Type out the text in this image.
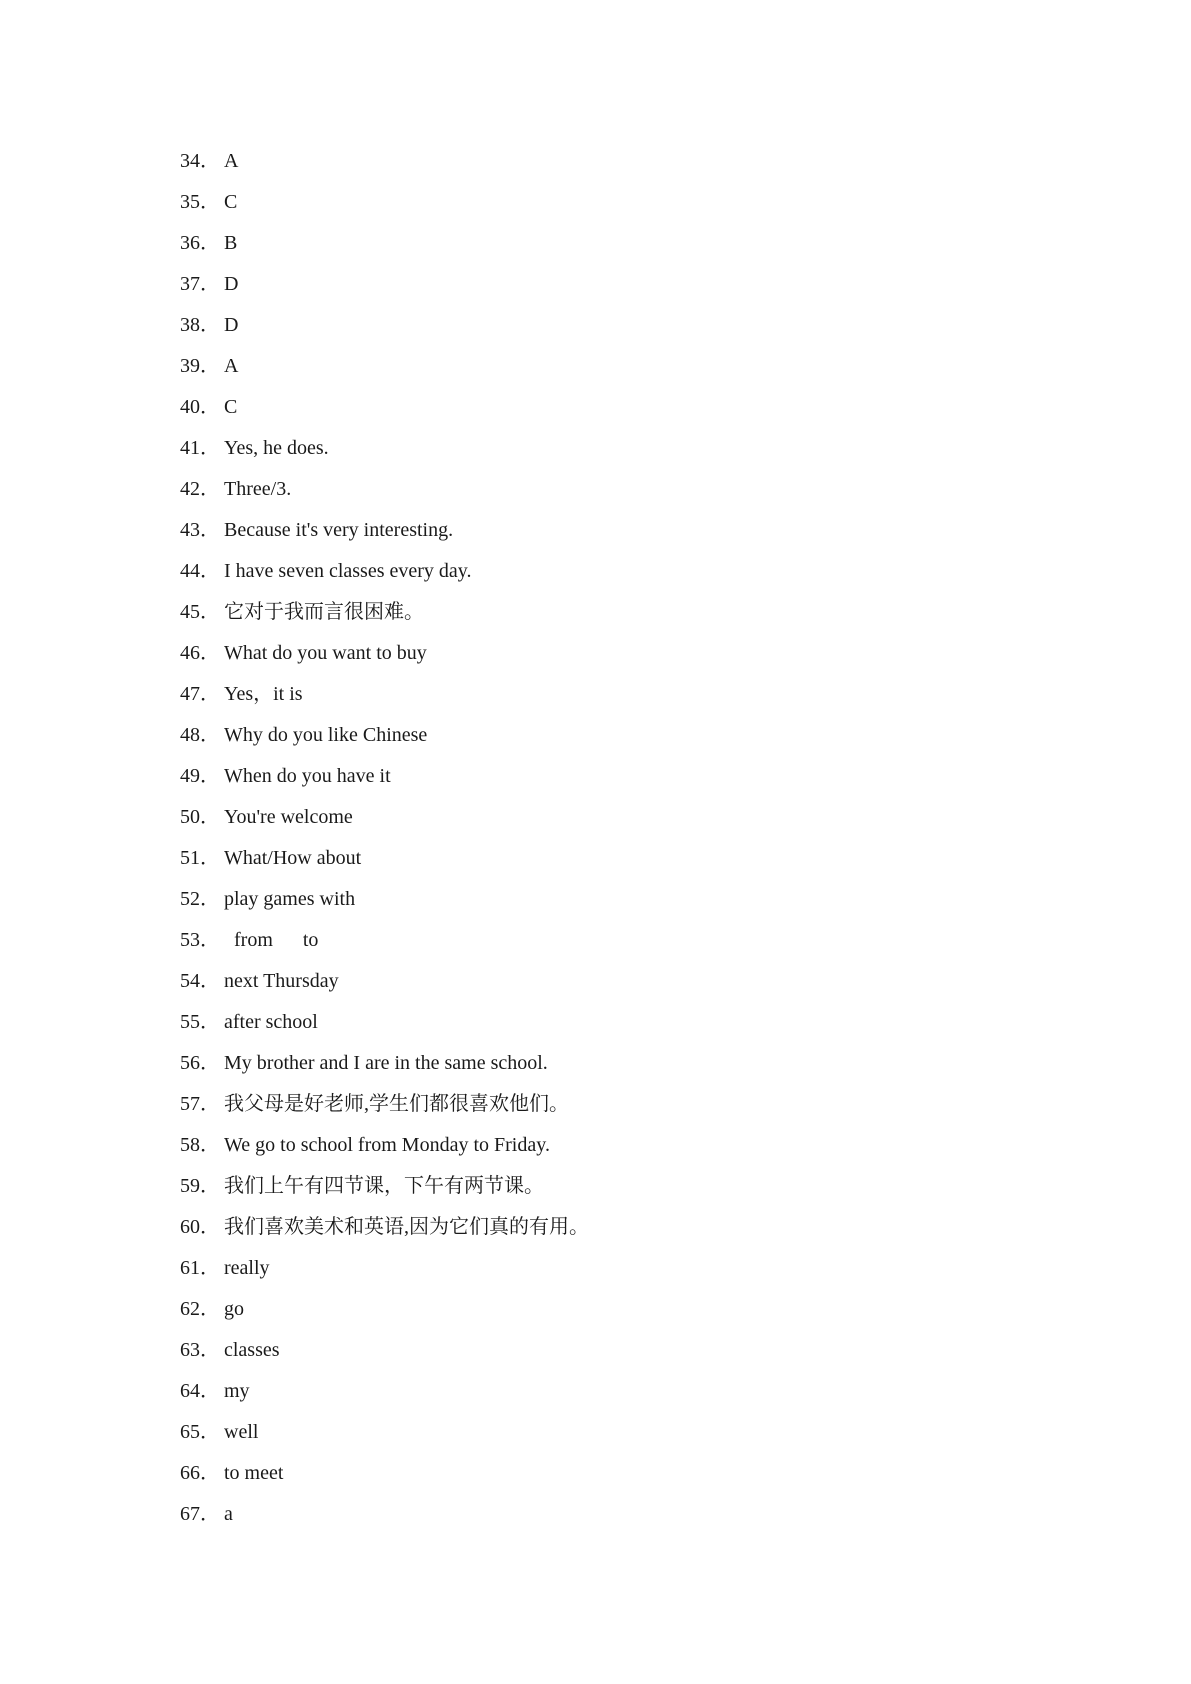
34． A
35． C
36． B
37． D
38． D
39． A
40． C
41． Yes, he does.
42． Three/3.
43． Because it's very interesting.
44． I have seven classes every day.
45． 它对于我而言很困难。
46． What do you want to buy
47． Yes，it is
48． Why do you like Chinese
49． When do you have it
50． You're welcome
51． What/How about
52． play games with
53． from      to
54． next Thursday
55． after school
56． My brother and I are in the same school.
57． 我父母是好老师,学生们都很喜欢他们。
58． We go to school from Monday to Friday.
59． 我们上午有四节课，下午有两节课。
60． 我们喜欢美术和英语,因为它们真的有用。
61． really
62． go
63． classes
64． my
65． well
66． to meet
67． a
